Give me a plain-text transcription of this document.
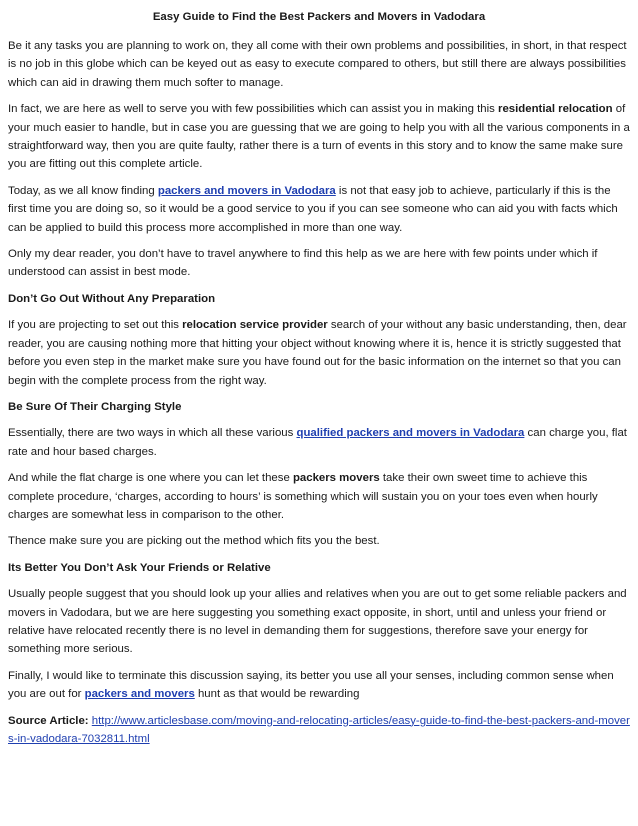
Easy Guide to Find the Best Packers and Movers in Vadodara

Be it any tasks you are planning to work on, they all come with their own problems and possibilities, in short, in that respect is no job in this globe which can be keyed out as easy to execute compared to others, but still there are always possibilities which can aid in drawing them much softer to manage.

In fact, we are here as well to serve you with few possibilities which can assist you in making this residential relocation of your much easier to handle, but in case you are guessing that we are going to help you with all the various components in a straightforward way, then you are quite faulty, rather there is a turn of events in this story and to know the same make sure you are fitting out this complete article.

Today, as we all know finding packers and movers in Vadodara is not that easy job to achieve, particularly if this is the first time you are doing so, so it would be a good service to you if you can see someone who can aid you with facts which can be applied to build this process more accomplished in more than one way.

Only my dear reader, you don’t have to travel anywhere to find this help as we are here with few points under which if understood can assist in best mode.

Don’t Go Out Without Any Preparation

If you are projecting to set out this relocation service provider search of your without any basic understanding, then, dear reader, you are causing nothing more that hitting your object without knowing where it is, hence it is strictly suggested that before you even step in the market make sure you have found out for the basic information on the internet so that you can begin with the complete process from the right way.

Be Sure Of Their Charging Style

Essentially, there are two ways in which all these various qualified packers and movers in Vadodara can charge you, flat rate and hour based charges.

And while the flat charge is one where you can let these packers movers take their own sweet time to achieve this complete procedure, ‘charges, according to hours’ is something which will sustain you on your toes even when hourly charges are somewhat less in comparison to the other.

Thence make sure you are picking out the method which fits you the best.

Its Better You Don’t Ask Your Friends or Relative

Usually people suggest that you should look up your allies and relatives when you are out to get some reliable packers and movers in Vadodara, but we are here suggesting you something exact opposite, in short, until and unless your friend or relative have relocated recently there is no level in demanding them for suggestions, therefore save your energy for something more serious.

Finally, I would like to terminate this discussion saying, its better you use all your senses, including common sense when you are out for packers and movers hunt as that would be rewarding

Source Article: http://www.articlesbase.com/moving-and-relocating-articles/easy-guide-to-find-the-best-packers-and-movers-in-vadodara-7032811.html
